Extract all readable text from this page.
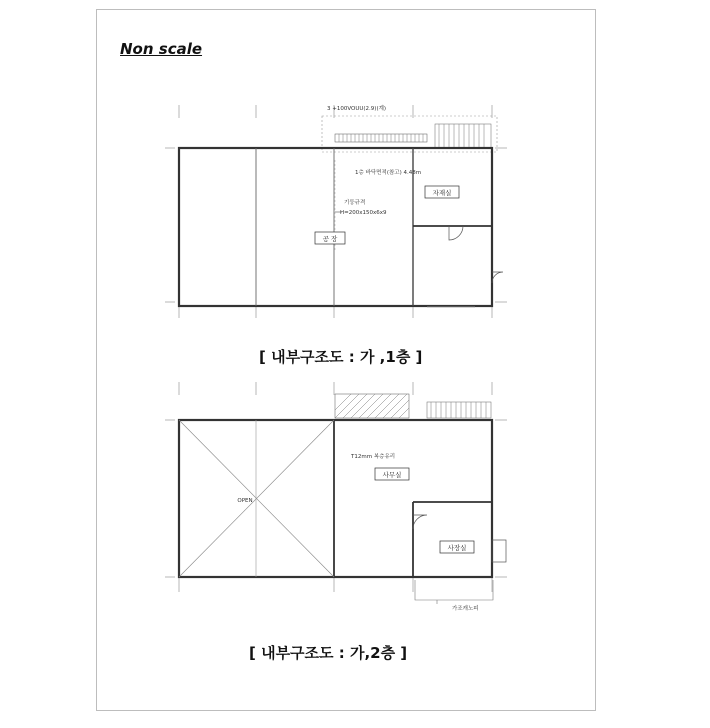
Non scale
1층 바닥면적(참고) 4.48m
기둥규격
H=200x150x6x9
3 +100VOUU(2.9)(계)
자재실
공 장
OPEN
T12mm 복층유리
사무실
사장실
가조캐노피
[ 내부구조도 : 가 ,1층 ]
[ 내부구조도 : 가,2층 ]
